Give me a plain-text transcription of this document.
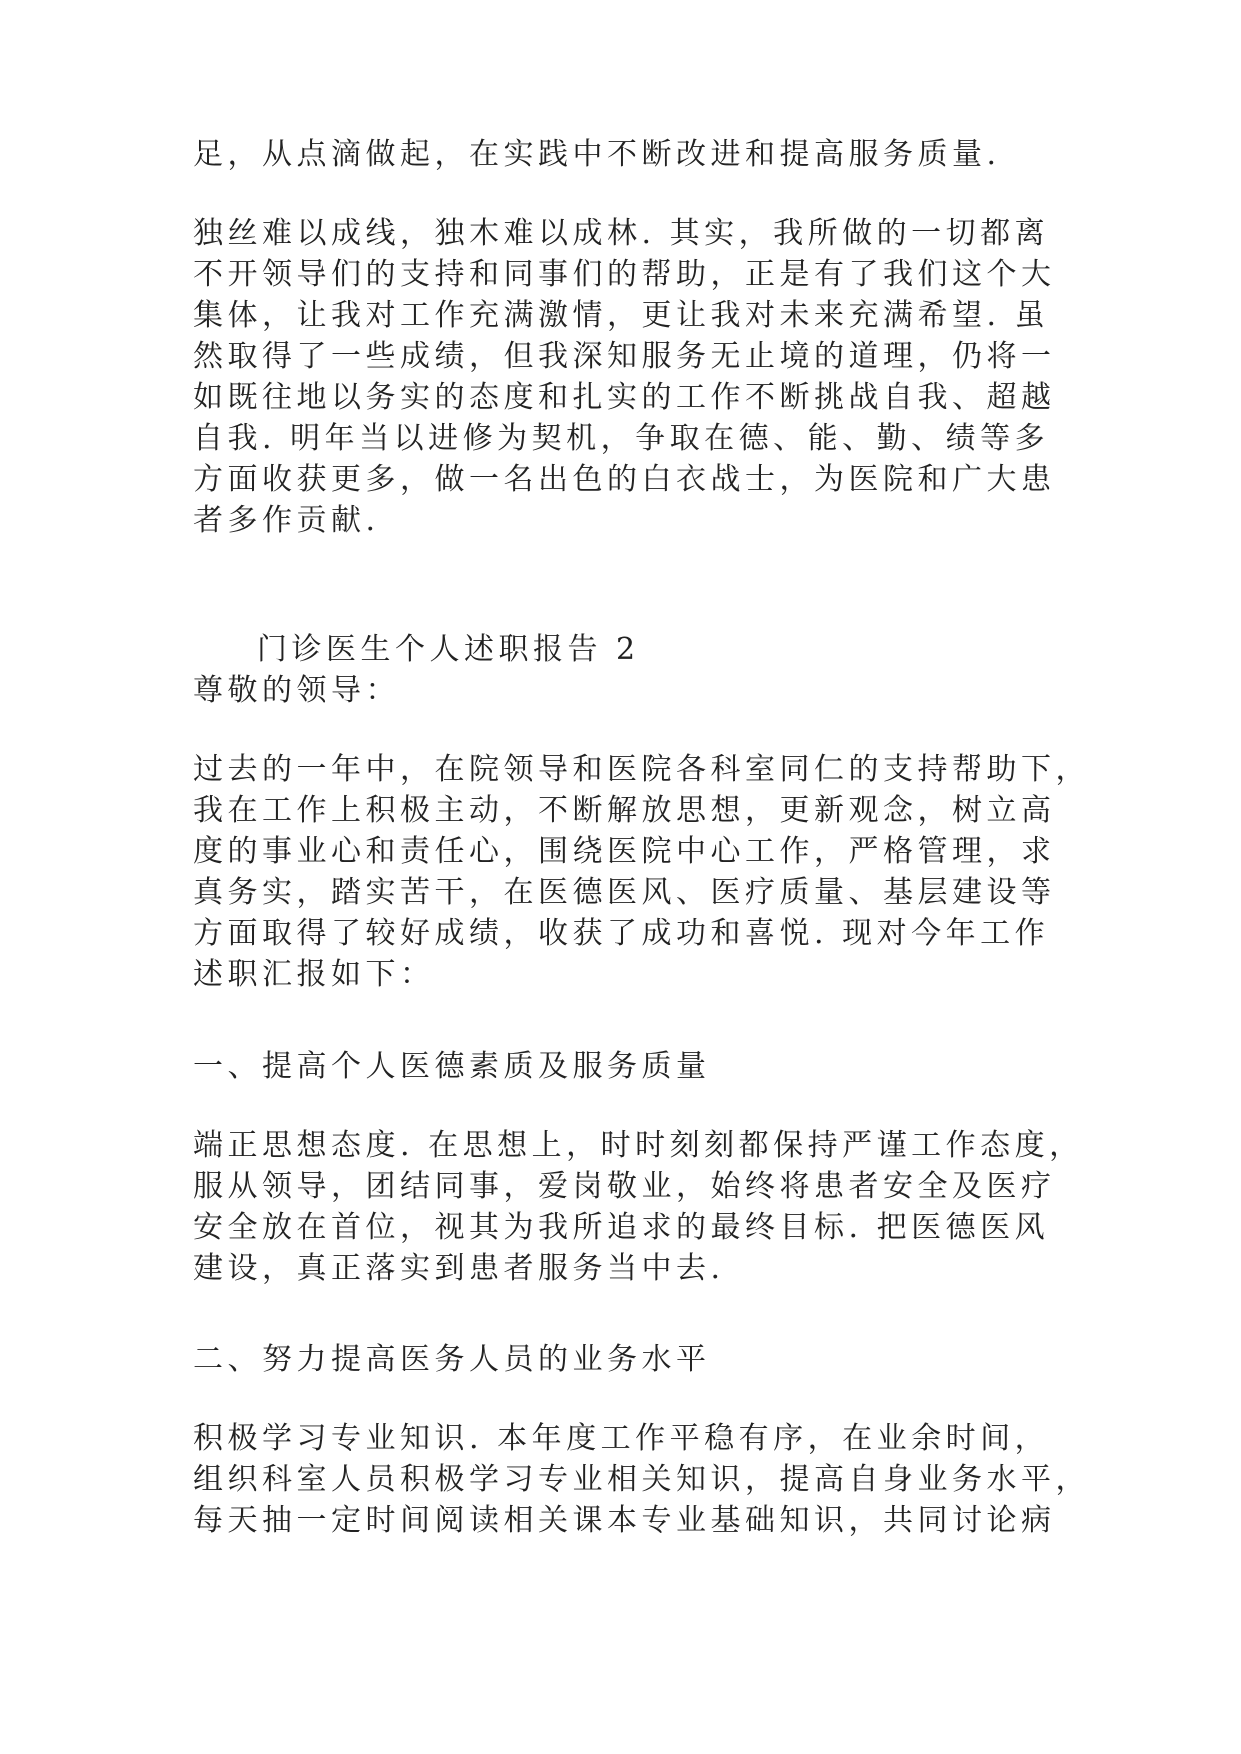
足，从点滴做起，在实践中不断改进和提高服务质量.
独丝难以成线，独木难以成林. 其实，我所做的一切都离
不开领导们的支持和同事们的帮助，正是有了我们这个大
集体，让我对工作充满激情，更让我对未来充满希望. 虽
然取得了一些成绩，但我深知服务无止境的道理，仍将一
如既往地以务实的态度和扎实的工作不断挑战自我、超越
自我. 明年当以进修为契机，争取在德、能、勤、绩等多
方面收获更多，做一名出色的白衣战士，为医院和广大患
者多作贡献.
门诊医生个人述职报告 2
尊敬的领导：
过去的一年中，在院领导和医院各科室同仁的支持帮助下，
我在工作上积极主动，不断解放思想，更新观念，树立高
度的事业心和责任心，围绕医院中心工作，严格管理，求
真务实，踏实苦干，在医德医风、医疗质量、基层建设等
方面取得了较好成绩，收获了成功和喜悦. 现对今年工作
述职汇报如下：
一、提高个人医德素质及服务质量
端正思想态度. 在思想上，时时刻刻都保持严谨工作态度，
服从领导，团结同事，爱岗敬业，始终将患者安全及医疗
安全放在首位，视其为我所追求的最终目标. 把医德医风
建设，真正落实到患者服务当中去.
二、努力提高医务人员的业务水平
积极学习专业知识. 本年度工作平稳有序，在业余时间，
组织科室人员积极学习专业相关知识，提高自身业务水平，
每天抽一定时间阅读相关课本专业基础知识，共同讨论病
